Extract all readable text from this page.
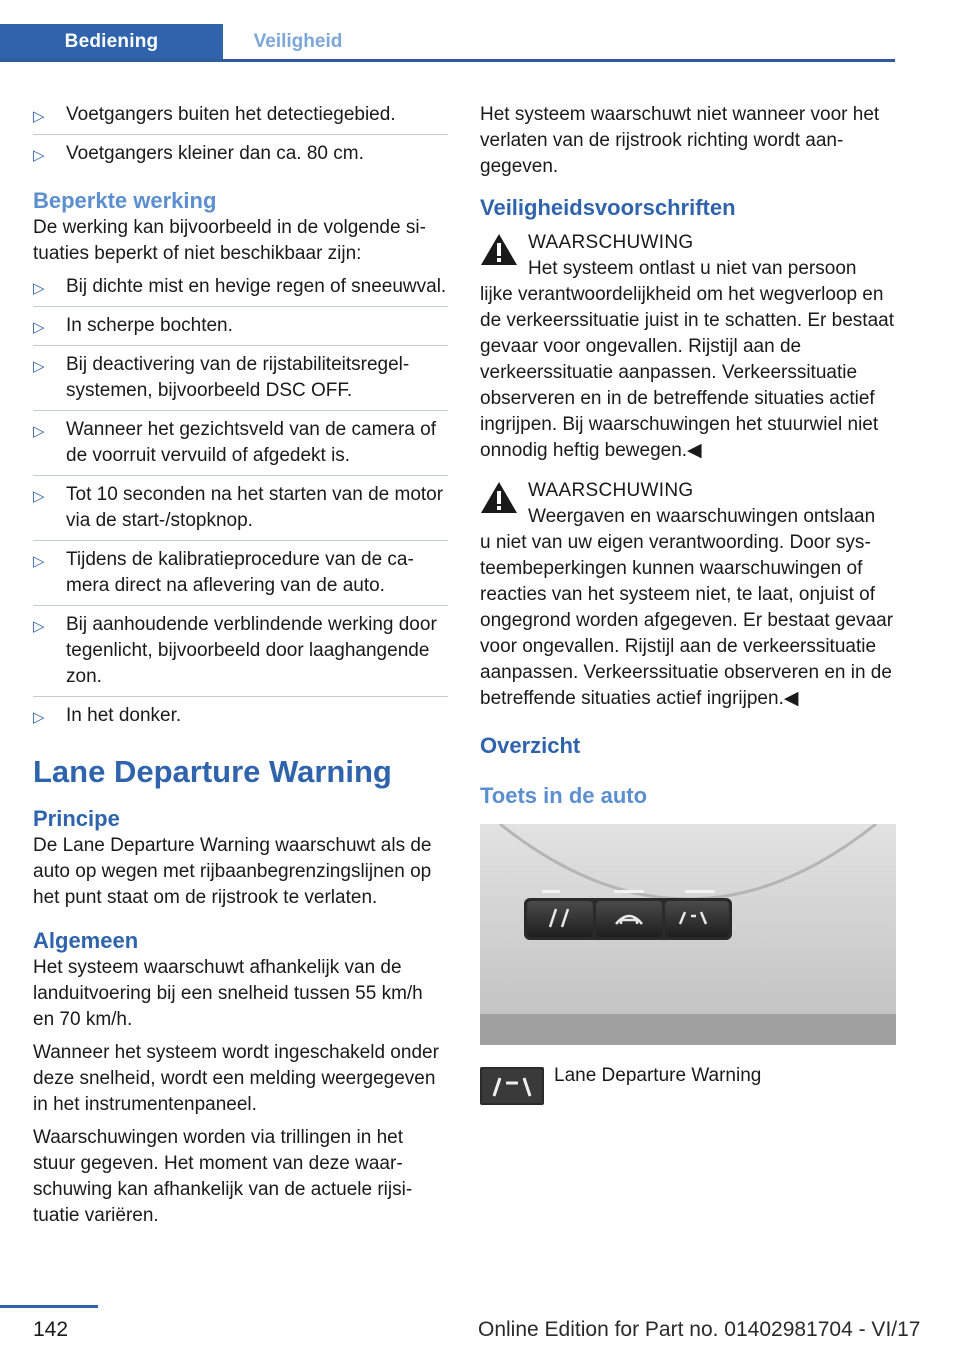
Bediening	Veiligheid
▷ Voetgangers buiten het detectiegebied.
▷ Voetgangers kleiner dan ca. 80 cm.
Beperkte werking

De werking kan bijvoorbeeld in de volgende situaties beperkt of niet beschikbaar zijn:

▷ Bij dichte mist en hevige regen of sneeuwval.
▷ In scherpe bochten.
▷ Bij deactivering van de rijstabiliteitsregelsystemen, bijvoorbeeld DSC OFF.
▷ Wanneer het gezichtsveld van de camera of de voorruit vervuild of afgedekt is.
▷ Tot 10 seconden na het starten van de motor via de start-/stopknop.
▷ Tijdens de kalibratieprocedure van de camera direct na aflevering van de auto.
▷ Bij aanhoudende verblindende werking door tegenlicht, bijvoorbeeld door laaghangende zon.
▷ In het donker.
Lane Departure Warning
Principe

De Lane Departure Warning waarschuwt als de auto op wegen met rijbaanbegrenzingslijnen op het punt staat om de rijstrook te verlaten.

Algemeen

Het systeem waarschuwt afhankelijk van de landuitvoering bij een snelheid tussen 55 km/h en 70 km/h.

Wanneer het systeem wordt ingeschakeld onder deze snelheid, wordt een melding weergegeven in het instrumentenpaneel.

Waarschuwingen worden via trillingen in het stuur gegeven. Het moment van deze waarschuwing kan afhankelijk van de actuele rijsituatie variëren.

Het systeem waarschuwt niet wanneer voor het verlaten van de rijstrook richting wordt aangegeven.

Veiligheidsvoorschriften
WAARSCHUWING
Het systeem ontlast u niet van persoon
lijke verantwoordelijkheid om het wegverloop en de verkeerssituatie juist in te schatten. Er bestaat gevaar voor ongevallen. Rijstijl aan de verkeerssituatie aanpassen. Verkeerssituatie observeren en in de betreffende situaties actief ingrijpen. Bij waarschuwingen het stuurwiel niet onnodig heftig bewegen.◀
WAARSCHUWING
Weergaven en waarschuwingen ontslaan
u niet van uw eigen verantwoording. Door systeembeperkingen kunnen waarschuwingen of reacties van het systeem niet, te laat, onjuist of ongegrond worden afgegeven. Er bestaat gevaar voor ongevallen. Rijstijl aan de verkeerssituatie aanpassen. Verkeerssituatie observeren en in de betreffende situaties actief ingrijpen.◀
Overzicht
Toets in de auto
Lane Departure Warning
142	Online Edition for Part no. 01402981704 - VI/17
